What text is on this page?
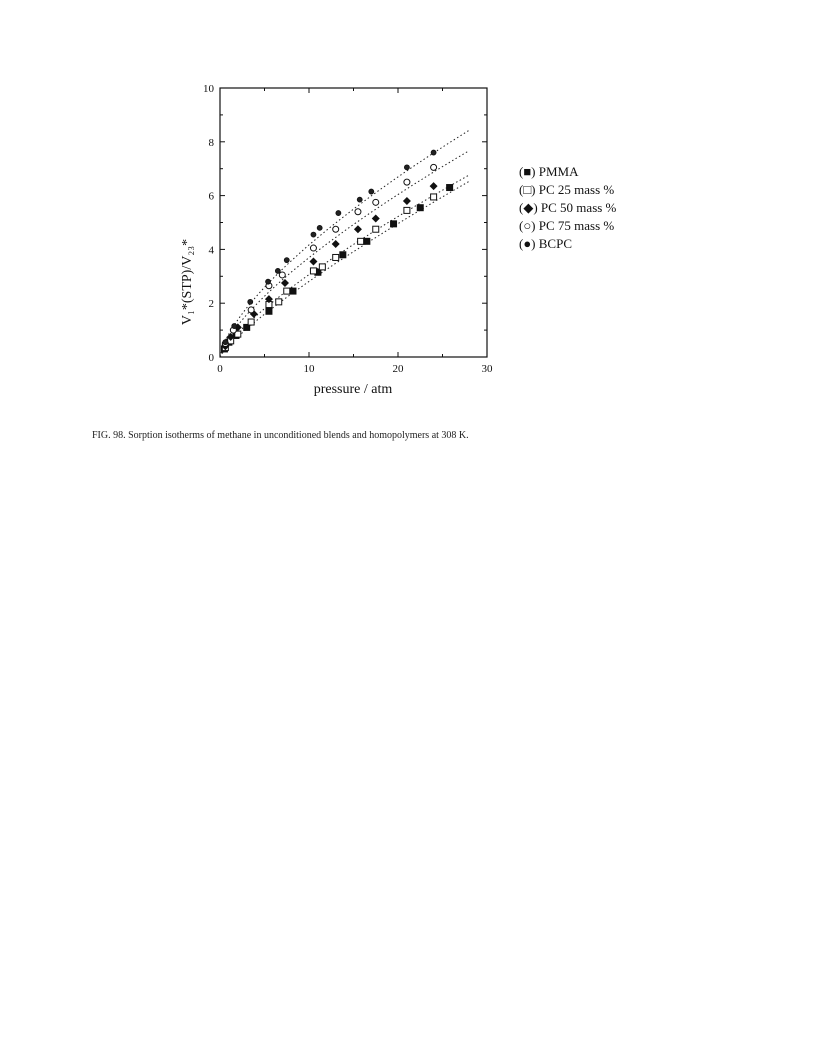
0	10	20	30
0
2
4
6
8
10
pressure / atm
V₁*(STP)/V₂₃*
(■) PMMA
(□) PC 25 mass %
(◆) PC 50 mass %
(○) PC 75 mass %
(●) BCPC
FIG. 98. Sorption isotherms of methane in unconditioned blends and homopolymers at 308 K.
